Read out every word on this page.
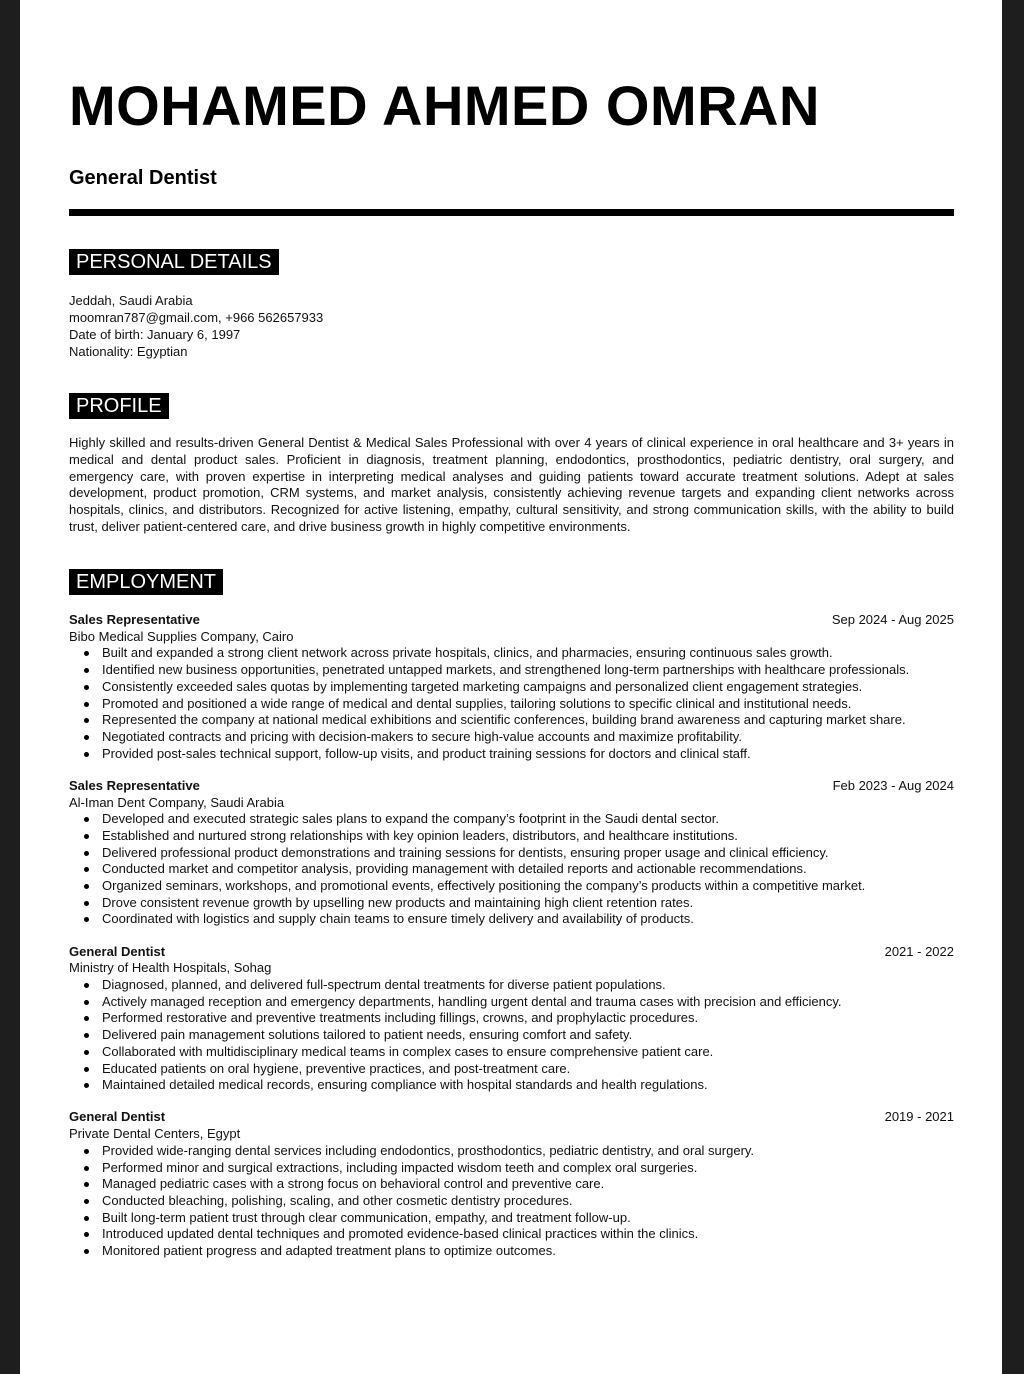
MOHAMED AHMED OMRAN
General Dentist
PERSONAL DETAILS
Jeddah, Saudi Arabia
moomran787@gmail.com, +966 562657933
Date of birth: January 6, 1997
Nationality: Egyptian
PROFILE

Highly skilled and results-driven General Dentist & Medical Sales Professional with over 4 years of clinical experience in oral healthcare and 3+ years in medical and dental product sales. Proficient in diagnosis, treatment planning, endodontics, prosthodontics, pediatric dentistry, oral surgery, and emergency care, with proven expertise in interpreting medical analyses and guiding patients toward accurate treatment solutions. Adept at sales development, product promotion, CRM systems, and market analysis, consistently achieving revenue targets and expanding client networks across hospitals, clinics, and distributors. Recognized for active listening, empathy, cultural sensitivity, and strong communication skills, with the ability to build trust, deliver patient-centered care, and drive business growth in highly competitive environments.

EMPLOYMENT
Sales Representative	Sep 2024 - Aug 2025
Bibo Medical Supplies Company, Cairo
Built and expanded a strong client network across private hospitals, clinics, and pharmacies, ensuring continuous sales growth.
Identified new business opportunities, penetrated untapped markets, and strengthened long-term partnerships with healthcare professionals.
Consistently exceeded sales quotas by implementing targeted marketing campaigns and personalized client engagement strategies.
Promoted and positioned a wide range of medical and dental supplies, tailoring solutions to specific clinical and institutional needs.
Represented the company at national medical exhibitions and scientific conferences, building brand awareness and capturing market share.
Negotiated contracts and pricing with decision-makers to secure high-value accounts and maximize profitability.
Provided post-sales technical support, follow-up visits, and product training sessions for doctors and clinical staff.
Sales Representative	Feb 2023 - Aug 2024
Al-Iman Dent Company, Saudi Arabia
Developed and executed strategic sales plans to expand the company’s footprint in the Saudi dental sector.
Established and nurtured strong relationships with key opinion leaders, distributors, and healthcare institutions.
Delivered professional product demonstrations and training sessions for dentists, ensuring proper usage and clinical efficiency.
Conducted market and competitor analysis, providing management with detailed reports and actionable recommendations.
Organized seminars, workshops, and promotional events, effectively positioning the company’s products within a competitive market.
Drove consistent revenue growth by upselling new products and maintaining high client retention rates.
Coordinated with logistics and supply chain teams to ensure timely delivery and availability of products.
General Dentist	2021 - 2022
Ministry of Health Hospitals, Sohag
Diagnosed, planned, and delivered full-spectrum dental treatments for diverse patient populations.
Actively managed reception and emergency departments, handling urgent dental and trauma cases with precision and efficiency.
Performed restorative and preventive treatments including fillings, crowns, and prophylactic procedures.
Delivered pain management solutions tailored to patient needs, ensuring comfort and safety.
Collaborated with multidisciplinary medical teams in complex cases to ensure comprehensive patient care.
Educated patients on oral hygiene, preventive practices, and post-treatment care.
Maintained detailed medical records, ensuring compliance with hospital standards and health regulations.
General Dentist	2019 - 2021
Private Dental Centers, Egypt
Provided wide-ranging dental services including endodontics, prosthodontics, pediatric dentistry, and oral surgery.
Performed minor and surgical extractions, including impacted wisdom teeth and complex oral surgeries.
Managed pediatric cases with a strong focus on behavioral control and preventive care.
Conducted bleaching, polishing, scaling, and other cosmetic dentistry procedures.
Built long-term patient trust through clear communication, empathy, and treatment follow-up.
Introduced updated dental techniques and promoted evidence-based clinical practices within the clinics.
Monitored patient progress and adapted treatment plans to optimize outcomes.
